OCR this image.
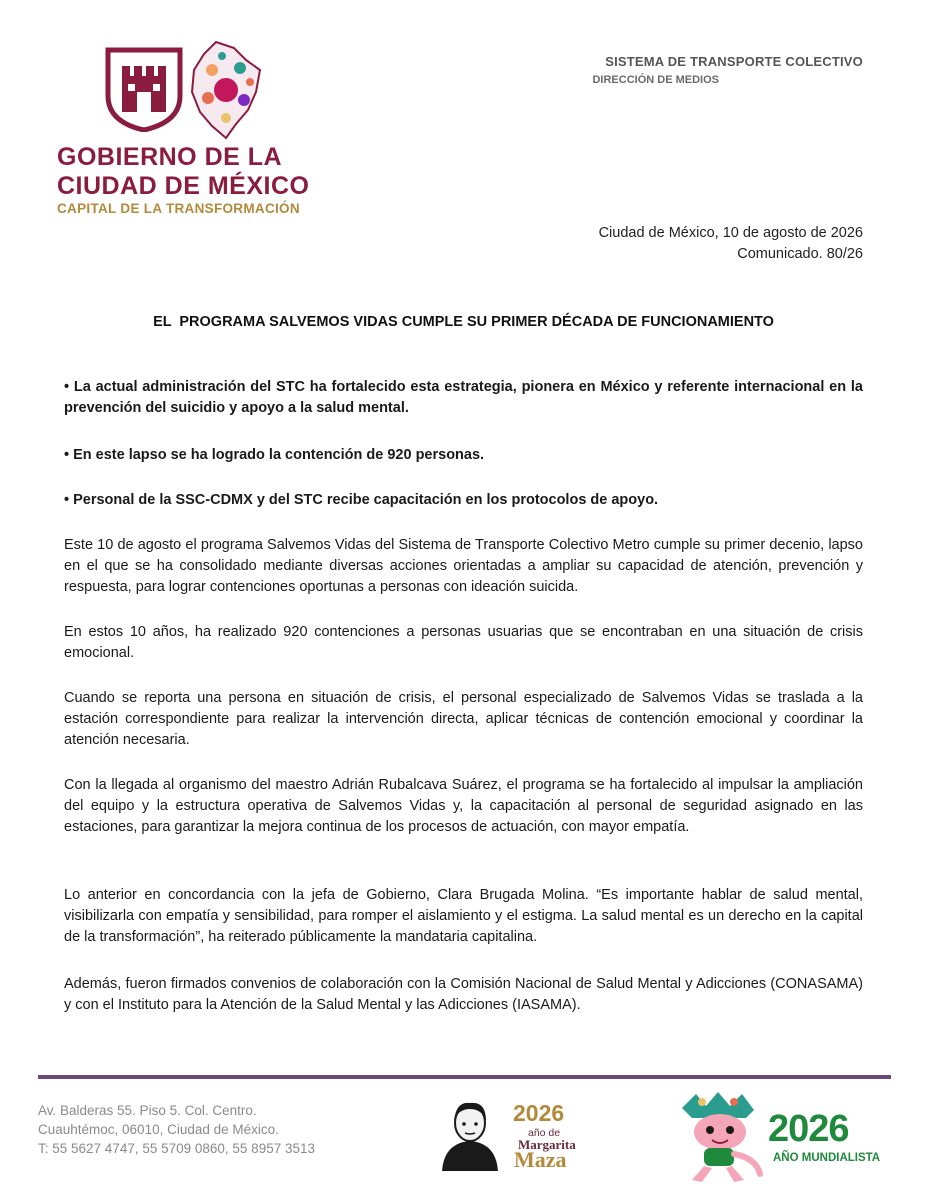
GOBIERNO DE LA
CIUDAD DE MÉXICO
CAPITAL DE LA TRANSFORMACIÓN
SISTEMA DE TRANSPORTE COLECTIVO
DIRECCIÓN DE MEDIOS
Ciudad de México, 10 de agosto de 2026
Comunicado. 80/26
EL  PROGRAMA SALVEMOS VIDAS CUMPLE SU PRIMER DÉCADA DE FUNCIONAMIENTO
• La actual administración del STC ha fortalecido esta estrategia, pionera en México y referente internacional en la prevención del suicidio y apoyo a la salud mental.
• En este lapso se ha logrado la contención de 920 personas.
• Personal de la SSC-CDMX y del STC recibe capacitación en los protocolos de apoyo.
Este 10 de agosto el programa Salvemos Vidas del Sistema de Transporte Colectivo Metro cumple su primer decenio, lapso en el que se ha consolidado mediante diversas acciones orientadas a ampliar su capacidad de atención, prevención y respuesta, para lograr contenciones oportunas a personas con ideación suicida.
En estos 10 años, ha realizado 920 contenciones a personas usuarias que se encontraban en una situación de crisis emocional.
Cuando se reporta una persona en situación de crisis, el personal especializado de Salvemos Vidas se traslada a la estación correspondiente para realizar la intervención directa, aplicar técnicas de contención emocional y coordinar la atención necesaria.
Con la llegada al organismo del maestro Adrián Rubalcava Suárez, el programa se ha fortalecido al impulsar la ampliación del equipo y la estructura operativa de Salvemos Vidas y, la capacitación al personal de seguridad asignado en las estaciones, para garantizar la mejora continua de los procesos de actuación, con mayor empatía.
Lo anterior en concordancia con la jefa de Gobierno, Clara Brugada Molina. “Es importante hablar de salud mental, visibilizarla con empatía y sensibilidad, para romper el aislamiento y el estigma. La salud mental es un derecho en la capital de la transformación”, ha reiterado públicamente la mandataria capitalina.
Además, fueron firmados convenios de colaboración con la Comisión Nacional de Salud Mental y Adicciones (CONASAMA) y con el Instituto para la Atención de la Salud Mental y las Adicciones (IASAMA).
Av. Balderas 55. Piso 5. Col. Centro.
Cuauhtémoc, 06010, Ciudad de México.
T: 55 5627 4747, 55 5709 0860, 55 8957 3513
2026
año de
Margarita
Maza
2026
AÑO MUNDIALISTA
